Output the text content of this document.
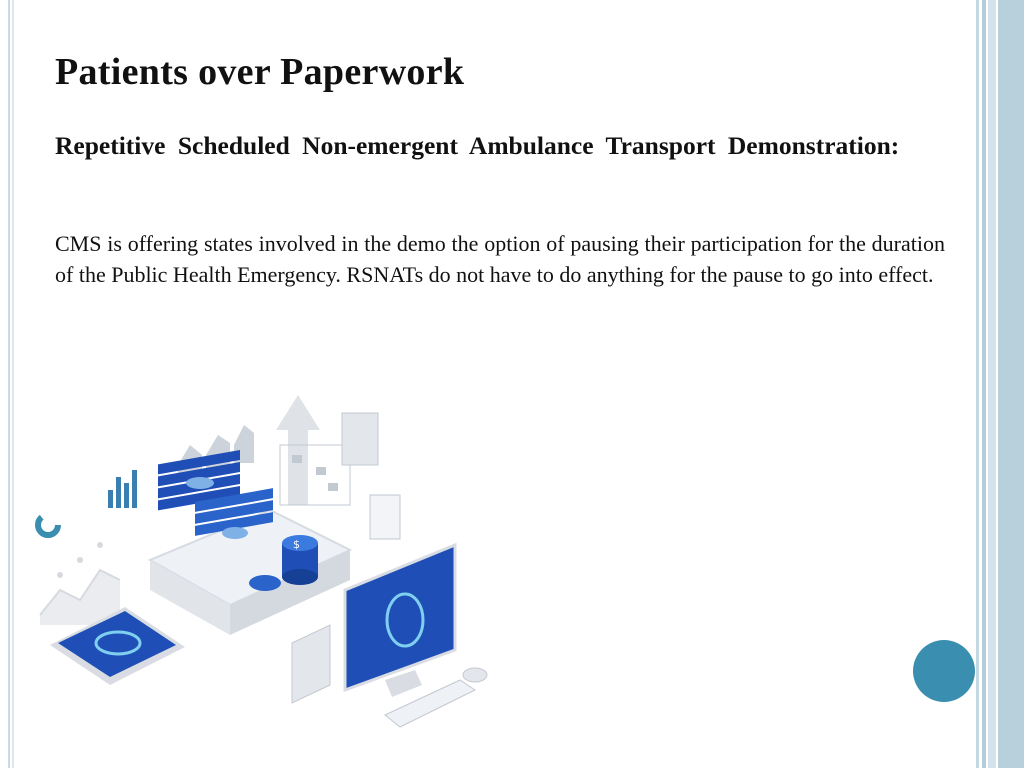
Patients over Paperwork
Repetitive Scheduled Non-emergent Ambulance Transport Demonstration:

CMS is offering states involved in the demo the option of pausing their participation for the duration of the Public Health Emergency. RSNATs do not have to do anything for the pause to go into effect.

$
